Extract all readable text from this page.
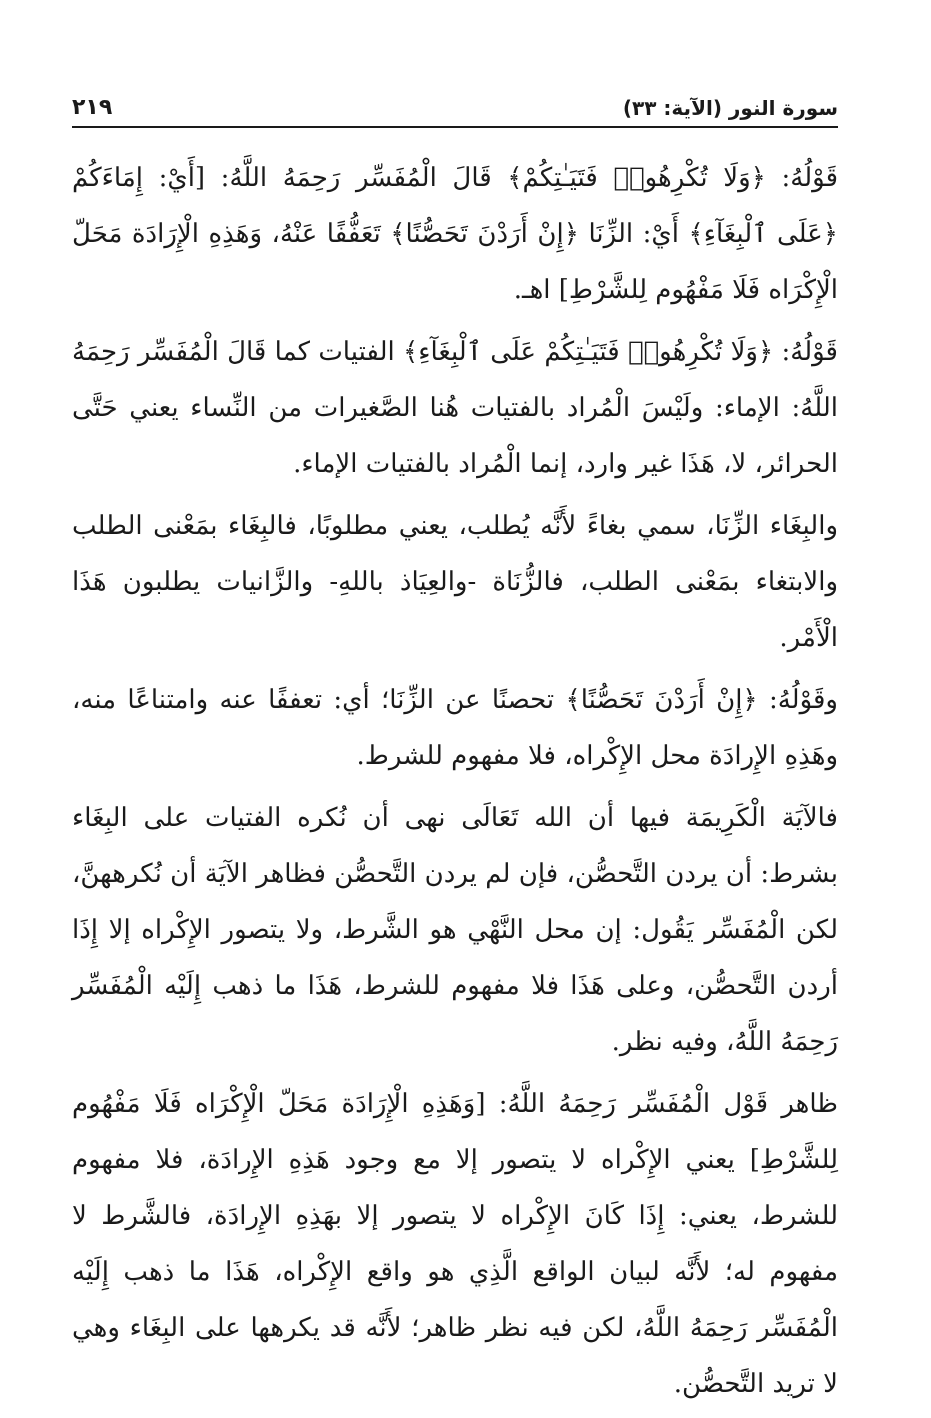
سورة النور (الآية: ٣٣)
٢١٩

قَوْلُهُ: ﴿وَلَا تُكْرِهُوا۟ فَتَيَـٰتِكُمْ﴾ قَالَ الْمُفَسِّر رَحِمَهُ اللَّهُ: [أَيْ: إِمَاءَكُمْ ﴿عَلَى ٱلْبِغَآءِ﴾ أَيْ: الزِّنَا ﴿إِنْ أَرَدْنَ تَحَصُّنًا﴾ تَعَفُّفًا عَنْهُ، وَهَذِهِ الْإِرَادَة مَحَلّ الْإِكْرَاه فَلَا مَفْهُوم لِلشَّرْطِ] اهـ.

قَوْلُهُ: ﴿وَلَا تُكْرِهُوا۟ فَتَيَـٰتِكُمْ عَلَى ٱلْبِغَآءِ﴾ الفتيات كما قَالَ الْمُفَسِّر رَحِمَهُ اللَّهُ: الإماء: ولَيْسَ الْمُراد بالفتيات هُنا الصَّغيرات من النِّساء يعني حَتَّى الحرائر، لا، هَذَا غير وارد، إنما الْمُراد بالفتيات الإماء.

والبِغَاء الزِّنَا، سمي بغاءً لأَنَّه يُطلب، يعني مطلوبًا، فالبِغَاء بمَعْنى الطلب والابتغاء بمَعْنى الطلب، فالزُّنَاة -والعِيَاذ باللهِ- والزَّانيات يطلبون هَذَا الْأَمْر.

وقَوْلُهُ: ﴿إِنْ أَرَدْنَ تَحَصُّنًا﴾ تحصنًا عن الزِّنَا؛ أي: تعففًا عنه وامتناعًا منه، وهَذِهِ الإِرادَة محل الإِكْراه، فلا مفهوم للشرط.

فالآيَة الْكَرِيمَة فيها أن الله تَعَالَى نهى أن نُكره الفتيات على البِغَاء بشرط: أن يردن التَّحصُّن، فإن لم يردن التَّحصُّن فظاهر الآيَة أن نُكرههنَّ، لكن الْمُفَسِّر يَقُول: إن محل النَّهْي هو الشَّرط، ولا يتصور الإِكْراه إلا إِذَا أردن التَّحصُّن، وعلى هَذَا فلا مفهوم للشرط، هَذَا ما ذهب إِلَيْه الْمُفَسِّر رَحِمَهُ اللَّهُ، وفيه نظر.

ظاهر قَوْل الْمُفَسِّر رَحِمَهُ اللَّهُ: [وَهَذِهِ الْإِرَادَة مَحَلّ الْإِكْرَاه فَلَا مَفْهُوم لِلشَّرْطِ] يعني الإِكْراه لا يتصور إلا مع وجود هَذِهِ الإِرادَة، فلا مفهوم للشرط، يعني: إِذَا كَانَ الإِكْراه لا يتصور إلا بهَذِهِ الإِرادَة، فالشَّرط لا مفهوم له؛ لأَنَّه لبيان الواقع الَّذِي هو واقع الإِكْراه، هَذَا ما ذهب إِلَيْه الْمُفَسِّر رَحِمَهُ اللَّهُ، لكن فيه نظر ظاهر؛ لأَنَّه قد يكرهها على البِغَاء وهي لا تريد التَّحصُّن.
